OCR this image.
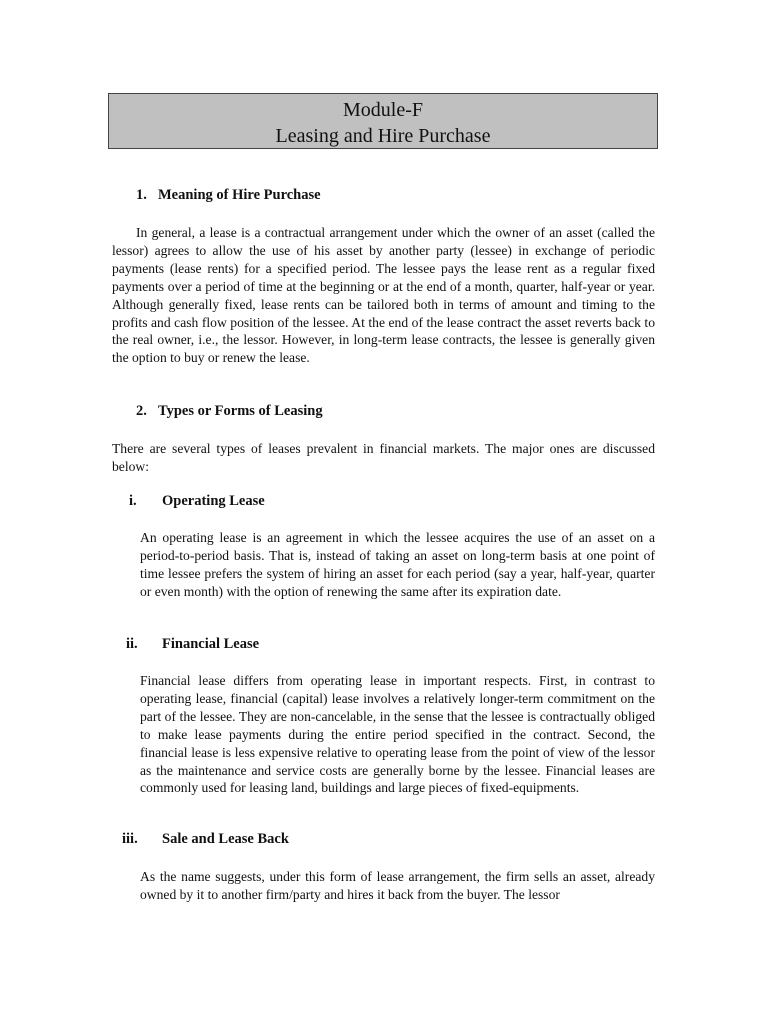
Module-F
Leasing and Hire Purchase
1. Meaning of Hire Purchase

In general, a lease is a contractual arrangement under which the owner of an asset (called the lessor) agrees to allow the use of his asset by another party (lessee) in exchange of periodic payments (lease rents) for a specified period. The lessee pays the lease rent as a regular fixed payments over a period of time at the beginning or at the end of a month, quarter, half-year or year. Although generally fixed, lease rents can be tailored both in terms of amount and timing to the profits and cash flow position of the lessee. At the end of the lease contract the asset reverts back to the real owner, i.e., the lessor. However, in long-term lease contracts, the lessee is generally given the option to buy or renew the lease.

2. Types or Forms of Leasing

There are several types of leases prevalent in financial markets. The major ones are discussed below:

i. Operating Lease

An operating lease is an agreement in which the lessee acquires the use of an asset on a period-to-period basis. That is, instead of taking an asset on long-term basis at one point of time lessee prefers the system of hiring an asset for each period (say a year, half-year, quarter or even month) with the option of renewing the same after its expiration date.

ii. Financial Lease

Financial lease differs from operating lease in important respects. First, in contrast to operating lease, financial (capital) lease involves a relatively longer-term commitment on the part of the lessee. They are non-cancelable, in the sense that the lessee is contractually obliged to make lease payments during the entire period specified in the contract. Second, the financial lease is less expensive relative to operating lease from the point of view of the lessor as the maintenance and service costs are generally borne by the lessee. Financial leases are commonly used for leasing land, buildings and large pieces of fixed-equipments.

iii. Sale and Lease Back

As the name suggests, under this form of lease arrangement, the firm sells an asset, already owned by it to another firm/party and hires it back from the buyer. The lessor
